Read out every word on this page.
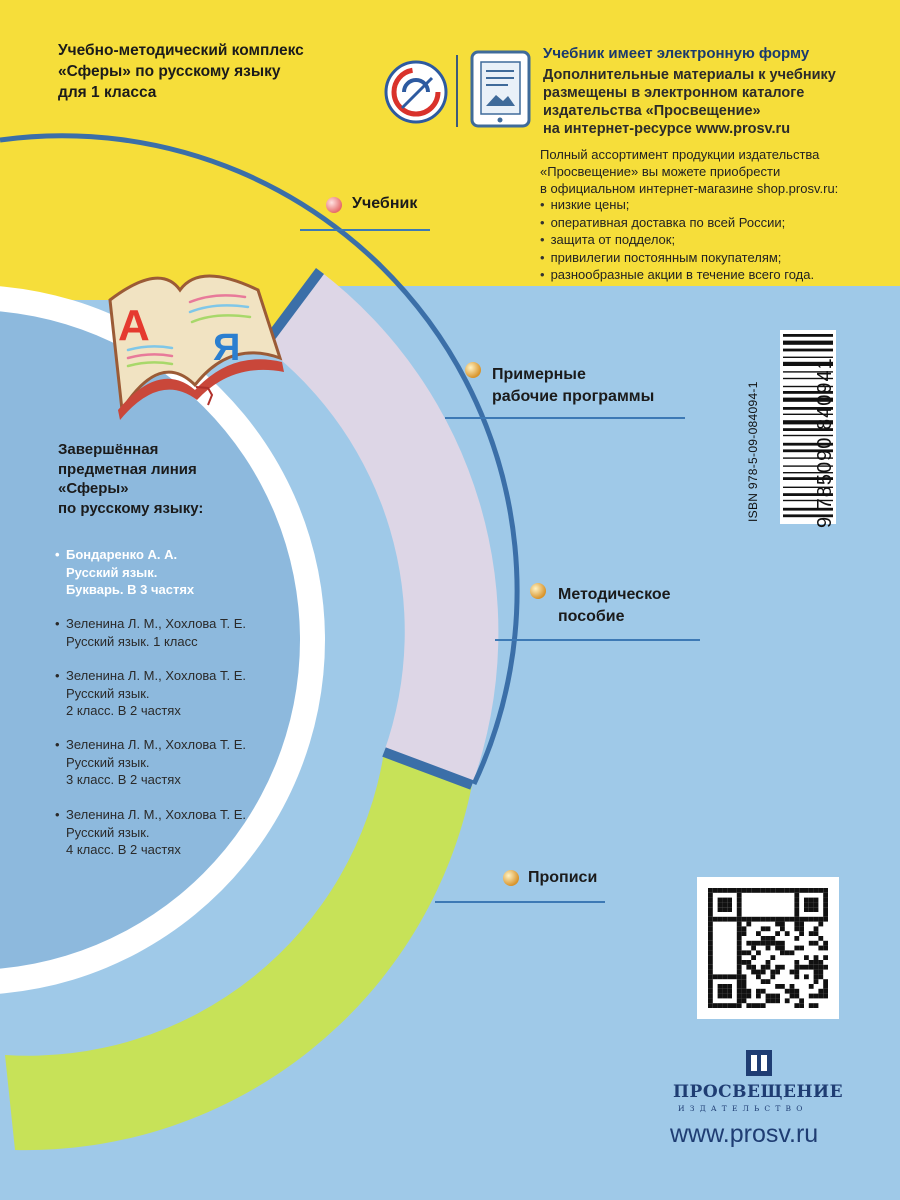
А Я
Учебно-методический комплекс
«Сферы» по русскому языку
для 1 класса
Учебник имеет электронную форму
Дополнительные материалы к учебнику
размещены в электронном каталоге
издательства «Просвещение»
на интернет-ресурсе www.prosv.ru
Полный ассортимент продукции издательства
«Просвещение» вы можете приобрести
в официальном интернет-магазине shop.prosv.ru:
• низкие цены;
• оперативная доставка по всей России;
• защита от подделок;
• привилегии постоянным покупателям;
• разнообразные акции в течение всего года.
Учебник
Примерные
рабочие программы
Методическое
пособие
Прописи
Завершённая
предметная линия
«Сферы»
по русскому языку:
• Бондаренко А. А.
Русский язык.
Букварь. В 3 частях
• Зеленина Л. М., Хохлова Т. Е.
Русский язык. 1 класс
• Зеленина Л. М., Хохлова Т. Е.
Русский язык.
2 класс. В 2 частях
• Зеленина Л. М., Хохлова Т. Е.
Русский язык.
3 класс. В 2 частях
• Зеленина Л. М., Хохлова Т. Е.
Русский язык.
4 класс. В 2 частях
ISBN 978-5-09-084094-1	9 785090 840941
ПРОСВЕЩЕНИЕ
ИЗДАТЕЛЬСТВО
www.prosv.ru
